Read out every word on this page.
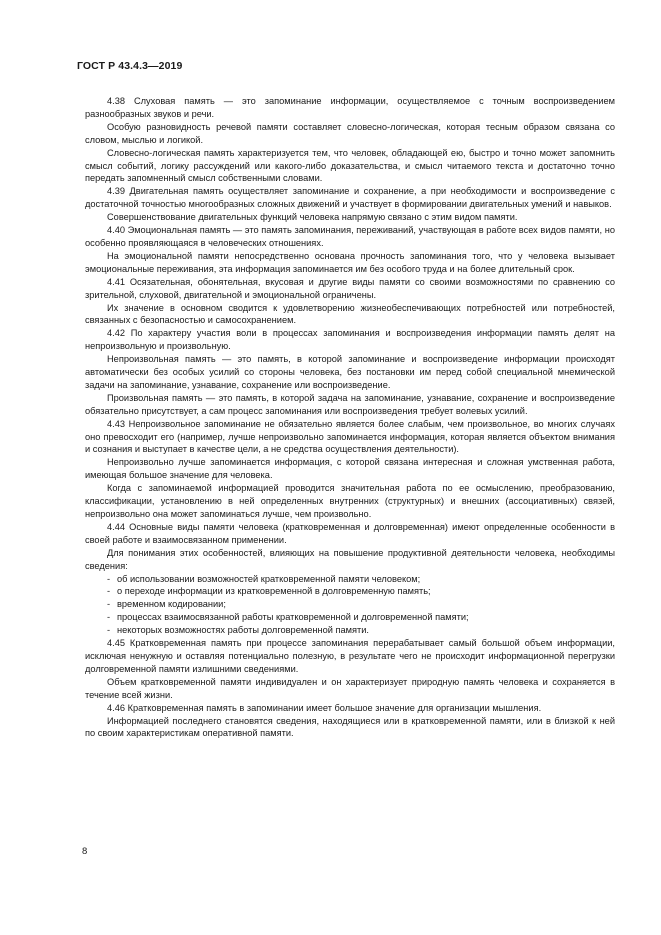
ГОСТ Р 43.4.3—2019

4.38 Слуховая память — это запоминание информации, осуществляемое с точным воспроизведением разнообразных звуков и речи.

Особую разновидность речевой памяти составляет словесно-логическая, которая тесным образом связана со словом, мыслью и логикой.

Словесно-логическая память характеризуется тем, что человек, обладающей ею, быстро и точно может запомнить смысл событий, логику рассуждений или какого-либо доказательства, и смысл читаемого текста и достаточно точно передать запомненный смысл собственными словами.

4.39 Двигательная память осуществляет запоминание и сохранение, а при необходимости и воспроизведение с достаточной точностью многообразных сложных движений и участвует в формировании двигательных умений и навыков.

Совершенствование двигательных функций человека напрямую связано с этим видом памяти.

4.40 Эмоциональная память — это память запоминания, переживаний, участвующая в работе всех видов памяти, но особенно проявляющаяся в человеческих отношениях.

На эмоциональной памяти непосредственно основана прочность запоминания того, что у человека вызывает эмоциональные переживания, эта информация запоминается им без особого труда и на более длительный срок.

4.41 Осязательная, обонятельная, вкусовая и другие виды памяти со своими возможностями по сравнению со зрительной, слуховой, двигательной и эмоциональной ограничены.

Их значение в основном сводится к удовлетворению жизнеобеспечивающих потребностей или потребностей, связанных с безопасностью и самосохранением.

4.42 По характеру участия воли в процессах запоминания и воспроизведения информации память делят на непроизвольную и произвольную.

Непроизвольная память — это память, в которой запоминание и воспроизведение информации происходят автоматически без особых усилий со стороны человека, без постановки им перед собой специальной мнемической задачи на запоминание, узнавание, сохранение или воспроизведение.

Произвольная память — это память, в которой задача на запоминание, узнавание, сохранение и воспроизведение обязательно присутствует, а сам процесс запоминания или воспроизведения требует волевых усилий.

4.43 Непроизвольное запоминание не обязательно является более слабым, чем произвольное, во многих случаях оно превосходит его (например, лучше непроизвольно запоминается информация, которая является объектом внимания и сознания и выступает в качестве цели, а не средства осуществления деятельности).

Непроизвольно лучше запоминается информация, с которой связана интересная и сложная умственная работа, имеющая большое значение для человека.

Когда с запоминаемой информацией проводится значительная работа по ее осмыслению, преобразованию, классификации, установлению в ней определенных внутренних (структурных) и внешних (ассоциативных) связей, непроизвольно она может запоминаться лучше, чем произвольно.

4.44 Основные виды памяти человека (кратковременная и долговременная) имеют определенные особенности в своей работе и взаимосвязанном применении.

Для понимания этих особенностей, влияющих на повышение продуктивной деятельности человека, необходимы сведения:

- об использовании возможностей кратковременной памяти человеком;
- о переходе информации из кратковременной в долговременную память;
- временном кодировании;
- процессах взаимосвязанной работы кратковременной и долговременной памяти;
- некоторых возможностях работы долговременной памяти.

4.45 Кратковременная память при процессе запоминания перерабатывает самый большой объем информации, исключая ненужную и оставляя потенциально полезную, в результате чего не происходит информационной перегрузки долговременной памяти излишними сведениями.

Объем кратковременной памяти индивидуален и он характеризует природную память человека и сохраняется в течение всей жизни.

4.46 Кратковременная память в запоминании имеет большое значение для организации мышления.

Информацией последнего становятся сведения, находящиеся или в кратковременной памяти, или в близкой к ней по своим характеристикам оперативной памяти.

8
